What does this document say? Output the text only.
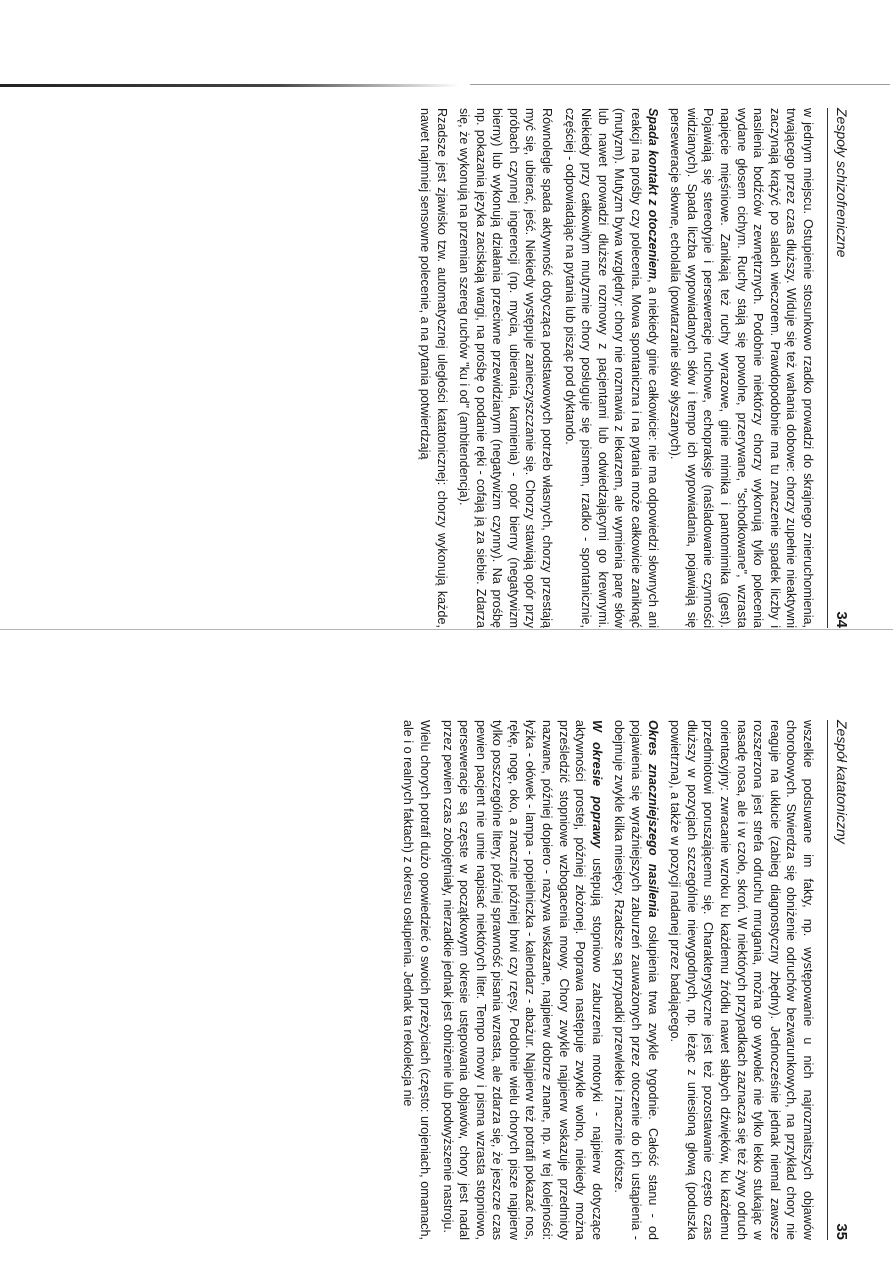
Zespoły schizofreniczne
34

w jednym miejscu. Ostupienie stosunkowo rzadko prowadzi do skrajnego znieruchomienia, trwającego przez czas dłuższy. Widuje się też wahania dobowe: chorzy zupełnie nieaktywni zaczynają krążyć po salach wieczorem. Prawdopodobnie ma tu znaczenie spadek liczby i nasilenia bodźców zewnętrznych. Podobnie niektórzy chorzy wykonują tylko polecenia wydane głosem cichym. Ruchy stają się powolne, przerywane, "schodkowane", wzrasta napięcie mięśniowe. Zanikają też ruchy wyrazowe, ginie mimika i pantomimika (gest). Pojawiają się stereotypie i perseweracje ruchowe, echopraksje (naśladowanie czynności widzianych). Spada liczba wypowiadanych słów i tempo ich wypowiadania, pojawiają się perseweracje słowne, echolalia (powtarzanie słów słyszanych).

Spada kontakt z otoczeniem, a niekiedy ginie całkowicie: nie ma odpowiedzi słownych ani reakcji na prośby czy polecenia. Mowa spontaniczna i na pytania może całkowicie zaniknąć (mutyzm). Mutyzm bywa względny: chory nie rozmawia z lekarzem, ale wymienia parę słów lub nawet prowadzi dłuższe rozmowy z pacjentami lub odwiedzającymi go krewnymi. Niekiedy przy całkowitym mutyzmie chory posługuje się pismem, rzadko - spontanicznie, częściej - odpowiadając na pytania lub pisząc pod dyktando.

Równolegle spada aktywność dotycząca podstawowych potrzeb własnych, chorzy przestają myć się, ubierać, jeść. Niekiedy występuje zanieczyszczanie się. Chorzy stawiają opór przy próbach czynnej ingerencji (np. mycia, ubierania, karmienia) - opór bierny (negatywizm bierny) lub wykonują działania przeciwne przewidzianym (negatywizm czynny). Na prośbę np. pokazania języka zaciskają wargi, na prośbę o podanie ręki - cofają ją za siebie. Zdarza się, że wykonują na przemian szereg ruchów "ku i od" (ambitendencja).

Rzadsze jest zjawisko tzw. automatycznej uległości katatonicznej: chorzy wykonują każde, nawet najmniej sensowne polecenie, a na pytania potwierdzają

Zespół katatoniczny
35

wszelkie podsuwane im fakty, np. występowanie u nich najrozmaitszych objawów chorobowych. Stwierdza się obniżenie odruchów bezwarunkowych, na przykład chory nie reaguje na ukłucie (zabieg diagnostyczny zbędny). Jednocześnie jednak niemal zawsze rozszerzona jest strefa odruchu mrugania, można go wywołać nie tylko lekko stukając w nasadę nosa, ale i w czoło, skroń. W niektórych przypadkach zaznacza się też żywy odruch orientacyjny: zwracanie wzroku ku każdemu źródłu nawet słabych dźwięków, ku każdemu przedmiotowi poruszającemu się. Charakterystyczne jest też pozostawanie często czas dłuższy w pozycjach szczególnie niewygodnych, np. leżąc z uniesioną głową (poduszka powietrzna), a także w pozycji nadanej przez badającego.

Okres znaczniejszego nasilenia osłupienia trwa zwykle tygodnie. Całość stanu - od pojawienia się wyraźniejszych zaburzeń zauważonych przez otoczenie do ich ustąpienia - obejmuje zwykle kilka miesięcy. Rzadsze są przypadki przewlekłe i znacznie krótsze.

W okresie poprawy ustępują stopniowo zaburzenia motoryki - najpierw dotyczące aktywności prostej, później złożonej. Poprawa następuje zwykle wolno, niekiedy można prześledzić stopniowe wzbogacenia mowy. Chory zwykle najpierw wskazuje przedmioty nazwane, później dopiero - nazywa wskazane, najpierw dobrze znane, np. w tej kolejności: łyżka - ołówek - lampa - popielniczka - kalendarz - abażur. Najpierw też potrafi pokazać nos, rękę, nogę, oko, a znacznie później brwi czy rzęsy. Podobnie wielu chorych pisze najpierw tylko poszczególne litery, później sprawność pisania wzrasta, ale zdarza się, że jeszcze czas pewien pacjent nie umie napisać niektórych liter. Tempo mowy i pisma wzrasta stopniowo, perseweracje są częste w początkowym okresie ustępowania objawów, chory jest nadal przez pewien czas zobojętniały, nierzadkie jednak jest obniżenie lub podwyższenie nastroju.

Wielu chorych potrafi dużo opowiedzieć o swoich przeżyciach (często: urojeniach, omamach, ale i o realnych faktach) z okresu osłupienia. Jednak ta rekolekcja nie
